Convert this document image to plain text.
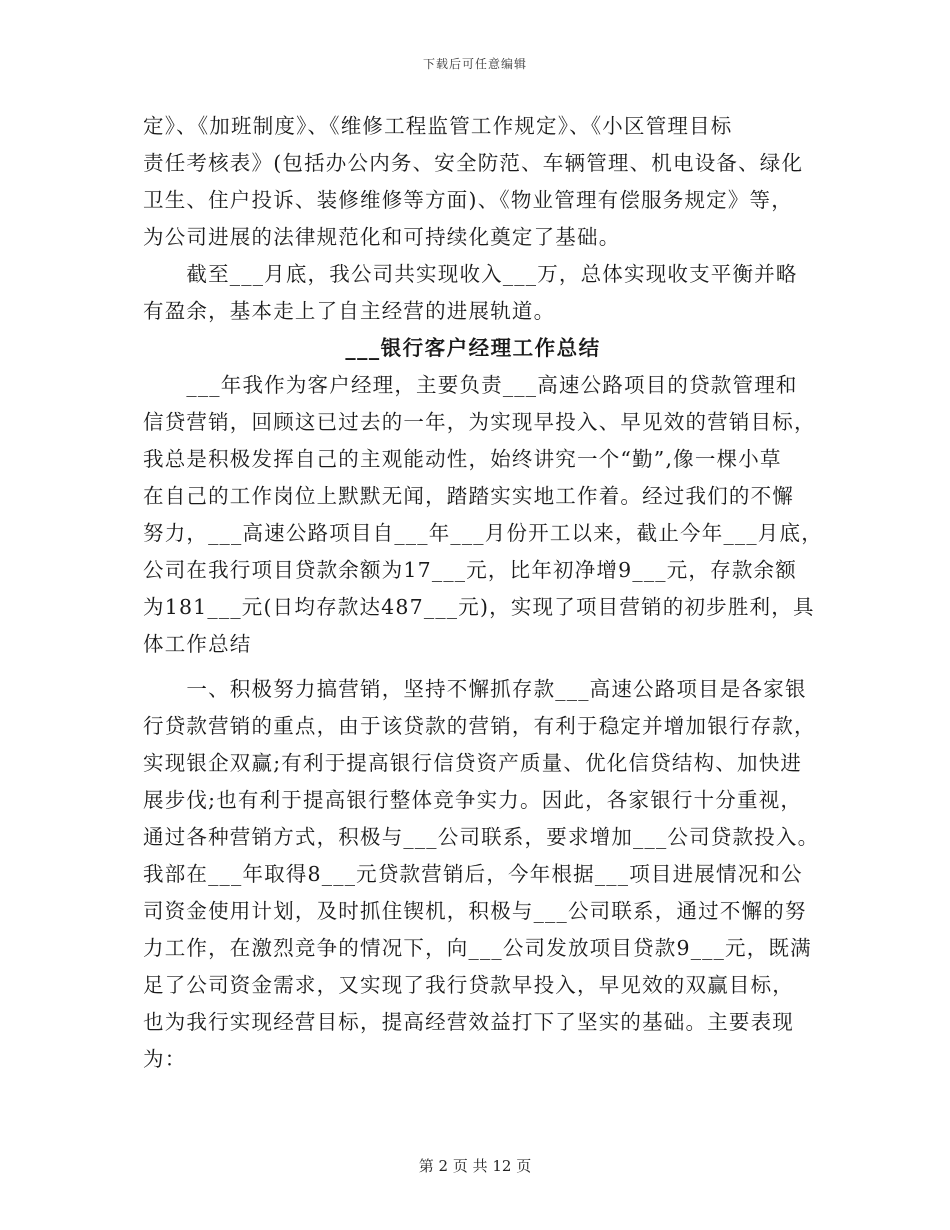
下载后可任意编辑
定》、《加班制度》、《维修工程监管工作规定》、《小区管理目标
责任考核表》(包括办公内务、安全防范、车辆管理、机电设备、绿化
卫生、住户投诉、装修维修等方面)、《物业管理有偿服务规定》等，
为公司进展的法律规范化和可持续化奠定了基础。
　　截至___月底，我公司共实现收入___万，总体实现收支平衡并略
有盈余，基本走上了自主经营的进展轨道。
___银行客户经理工作总结
　　___年我作为客户经理，主要负责___高速公路项目的贷款管理和
信贷营销，回顾这已过去的一年，为实现早投入、早见效的营销目标，
我总是积极发挥自己的主观能动性，始终讲究一个“勤”,像一棵小草
在自己的工作岗位上默默无闻，踏踏实实地工作着。经过我们的不懈
努力，___高速公路项目自___年___月份开工以来，截止今年___月底，
公司在我行项目贷款余额为17___元，比年初净增9___元，存款余额
为181___元(日均存款达487___元)，实现了项目营销的初步胜利，具
体工作总结
　　一、积极努力搞营销，坚持不懈抓存款___高速公路项目是各家银
行贷款营销的重点，由于该贷款的营销，有利于稳定并增加银行存款，
实现银企双赢;有利于提高银行信贷资产质量、优化信贷结构、加快进
展步伐;也有利于提高银行整体竞争实力。因此，各家银行十分重视，
通过各种营销方式，积极与___公司联系，要求增加___公司贷款投入。
我部在___年取得8___元贷款营销后，今年根据___项目进展情况和公
司资金使用计划，及时抓住锲机，积极与___公司联系，通过不懈的努
力工作，在激烈竞争的情况下，向___公司发放项目贷款9___元，既满
足了公司资金需求，又实现了我行贷款早投入，早见效的双赢目标，
也为我行实现经营目标，提高经营效益打下了坚实的基础。主要表现
为：
第 2 页 共 12 页
